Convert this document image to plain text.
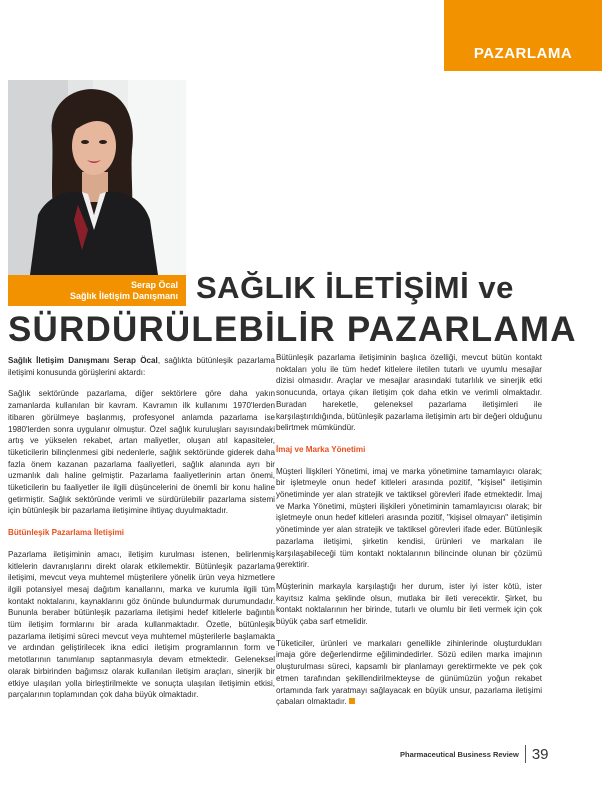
PAZARLAMA
Serap Öcal
Sağlık İletişim Danışmanı SAĞLIK İLETİŞİMİ ve
SÜRDÜRÜLEBİLİR PAZARLAMA

Sağlık İletişim Danışmanı Serap Öcal, sağlıkta bütünleşik pazarlama iletişimi konusunda görüşlerini aktardı:

Sağlık sektöründe pazarlama, diğer sektörlere göre daha yakın zamanlarda kullanılan bir kavram. Kavramın ilk kullanımı 1970'lerden itibaren görülmeye başlanmış, profesyonel anlamda pazarlama ise 1980'lerden sonra uygulanır olmuştur. Özel sağlık kuruluşları sayısındaki artış ve yükselen rekabet, artan maliyetler, oluşan atıl kapasiteler, tüketicilerin bilinçlenmesi gibi nedenlerle, sağlık sektöründe giderek daha fazla önem kazanan pazarlama faaliyetleri, sağlık alanında ayrı bir uzmanlık dalı haline gelmiştir. Pazarlama faaliyetlerinin artan önemi, tüketicilerin bu faaliyetler ile ilgili düşüncelerini de önemli bir konu haline getirmiştir. Sağlık sektöründe verimli ve sürdürülebilir pazarlama sistemi için bütünleşik bir pazarlama iletişimine ihtiyaç duyulmaktadır.

Bütünleşik Pazarlama İletişimi

Pazarlama iletişiminin amacı, iletişim kurulması istenen, belirlenmiş kitlelerin davranışlarını direkt olarak etkilemektir. Bütünleşik pazarlama iletişimi, mevcut veya muhtemel müşterilere yönelik ürün veya hizmetlere ilgili potansiyel mesaj dağıtım kanallarını, marka ve kurumla ilgili tüm kontakt noktalarını, kaynaklarını göz önünde bulundurmak durumundadır. Bununla beraber bütünleşik pazarlama iletişimi hedef kitlelerle bağıntılı tüm iletişim formlarını bir arada kullanmaktadır. Özetle, bütünleşik pazarlama iletişimi süreci mevcut veya muhtemel müşterilerle başlamakta ve ardından geliştirilecek ikna edici iletişim programlarının form ve metotlarının tanımlanıp saptanmasıyla devam etmektedir. Geleneksel olarak birbirinden bağımsız olarak kullanılan iletişim araçları, sinerjik bir etkiye ulaşılan yolla birleştirilmekte ve sonuçta ulaşılan iletişimin etkisi, parçalarının toplamından çok daha büyük olmaktadır.

Bütünleşik pazarlama iletişiminin başlıca özelliği, mevcut bütün kontakt noktaları yolu ile tüm hedef kitlelere iletilen tutarlı ve uyumlu mesajlar dizisi olmasıdır. Araçlar ve mesajlar arasındaki tutarlılık ve sinerjik etki sonucunda, ortaya çıkan iletişim çok daha etkin ve verimli olmaktadır. Buradan hareketle, geleneksel pazarlama iletişimleri ile karşılaştırıldığında, bütünleşik pazarlama iletişimin artı bir değeri olduğunu belirtmek mümkündür.

İmaj ve Marka Yönetimi

Müşteri İlişkileri Yönetimi, imaj ve marka yönetimine tamamlayıcı olarak; bir işletmeyle onun hedef kitleleri arasında pozitif, "kişisel" iletişimin yönetiminde yer alan stratejik ve taktiksel görevleri ifade etmektedir. İmaj ve Marka Yönetimi, müşteri ilişkileri yönetiminin tamamlayıcısı olarak; bir işletmeyle onun hedef kitleleri arasında pozitif, "kişisel olmayan" iletişimin yönetiminde yer alan stratejik ve taktiksel görevleri ifade eder. Bütünleşik pazarlama iletişimi, şirketin kendisi, ürünleri ve markaları ile karşılaşabileceği tüm kontakt noktalarının bilincinde olunan bir çözümü gerektirir.

Müşterinin markayla karşılaştığı her durum, ister iyi ister kötü, ister kayıtsız kalma şeklinde olsun, mutlaka bir ileti verecektir. Şirket, bu kontakt noktalarının her birinde, tutarlı ve olumlu bir ileti vermek için çok büyük çaba sarf etmelidir.

Tüketiciler, ürünleri ve markaları genellikle zihinlerinde oluşturdukları imaja göre değerlendirme eğilimindedirler. Sözü edilen marka imajının oluşturulması süreci, kapsamlı bir planlamayı gerektirmekte ve pek çok etmen tarafından şekillendirilmekteyse de günümüzün yoğun rekabet ortamında fark yaratmayı sağlayacak en büyük unsur, pazarlama iletişimi çabaları olmaktadır.

Pharmaceutical Business Review 39
